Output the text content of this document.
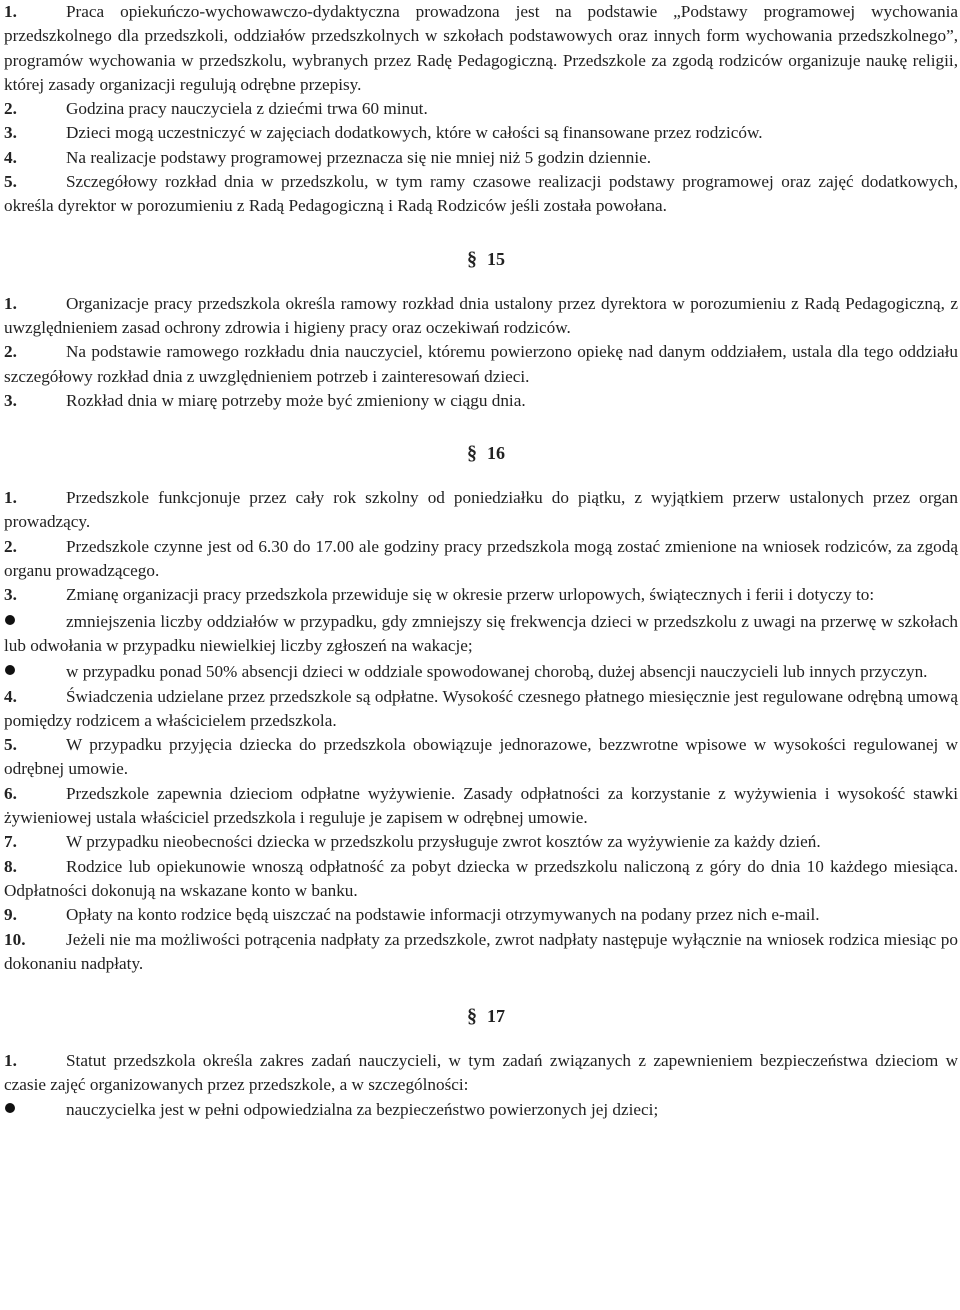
1.	Praca opiekuńczo-wychowawczo-dydaktyczna prowadzona jest na podstawie „Podstawy programowej wychowania przedszkolnego dla przedszkoli, oddziałów przedszkolnych w szkołach podstawowych oraz innych form wychowania przedszkolnego”, programów wychowania w przedszkolu, wybranych przez Radę Pedagogiczną. Przedszkole za zgodą rodziców organizuje naukę religii, której zasady organizacji regulują odrębne przepisy.

2.	Godzina pracy nauczyciela z dziećmi trwa 60 minut.

3.	Dzieci mogą uczestniczyć w zajęciach dodatkowych, które w całości są finansowane przez rodziców.

4.	Na realizacje podstawy programowej przeznacza się nie mniej niż 5 godzin dziennie.

5.	Szczegółowy rozkład dnia w przedszkolu, w tym ramy czasowe realizacji podstawy programowej oraz zajęć dodatkowych, określa dyrektor w porozumieniu z Radą Pedagogiczną i Radą Rodziców jeśli została powołana.

§ 15

1.	Organizacje pracy przedszkola określa ramowy rozkład dnia ustalony przez dyrektora w porozumieniu z Radą Pedagogiczną, z uwzględnieniem zasad ochrony zdrowia i higieny pracy oraz oczekiwań rodziców.

2.	Na podstawie ramowego rozkładu dnia nauczyciel, któremu powierzono opiekę nad danym oddziałem, ustala dla tego oddziału szczegółowy rozkład dnia z uwzględnieniem potrzeb i zainteresowań dzieci.

3.	Rozkład dnia w miarę potrzeby może być zmieniony w ciągu dnia.

§ 16

1.	Przedszkole funkcjonuje przez cały rok szkolny od poniedziałku do piątku, z wyjątkiem przerw ustalonych przez organ prowadzący.

2.	Przedszkole czynne jest od 6.30 do 17.00 ale godziny pracy przedszkola mogą zostać zmienione na wniosek rodziców, za zgodą organu prowadzącego.

3.	Zmianę organizacji pracy przedszkola przewiduje się w okresie przerw urlopowych, świątecznych i ferii i dotyczy to:

zmniejszenia liczby oddziałów w przypadku, gdy zmniejszy się frekwencja dzieci w przedszkolu z uwagi na przerwę w szkołach lub odwołania w przypadku niewielkiej liczby zgłoszeń na wakacje;

w przypadku ponad 50% absencji dzieci w oddziale spowodowanej chorobą, dużej absencji nauczycieli lub innych przyczyn.

4.	Świadczenia udzielane przez przedszkole są odpłatne. Wysokość czesnego płatnego miesięcznie jest regulowane odrębną umową pomiędzy rodzicem a właścicielem przedszkola.

5.	W przypadku przyjęcia dziecka do przedszkola obowiązuje jednorazowe, bezzwrotne wpisowe w wysokości regulowanej w odrębnej umowie.

6.	Przedszkole zapewnia dzieciom odpłatne wyżywienie. Zasady odpłatności za korzystanie z wyżywienia i wysokość stawki żywieniowej ustala właściciel przedszkola i reguluje je zapisem w odrębnej umowie.

7.	W przypadku nieobecności dziecka w przedszkolu przysługuje zwrot kosztów za wyżywienie za każdy dzień.

8.	Rodzice lub opiekunowie wnoszą odpłatność za pobyt dziecka w przedszkolu naliczoną z góry do dnia 10 każdego miesiąca. Odpłatności dokonują na wskazane konto w banku.

9.	Opłaty na konto rodzice będą uiszczać na podstawie informacji otrzymywanych na podany przez nich e-mail.

10. Jeżeli nie ma możliwości potrącenia nadpłaty za przedszkole, zwrot nadpłaty następuje wyłącznie na wniosek rodzica miesiąc po dokonaniu nadpłaty.

§ 17

1.	Statut przedszkola określa zakres zadań nauczycieli, w tym zadań związanych z zapewnieniem bezpieczeństwa dzieciom w czasie zajęć organizowanych przez przedszkole, a w szczególności:

nauczycielka jest w pełni odpowiedzialna za bezpieczeństwo powierzonych jej dzieci;
